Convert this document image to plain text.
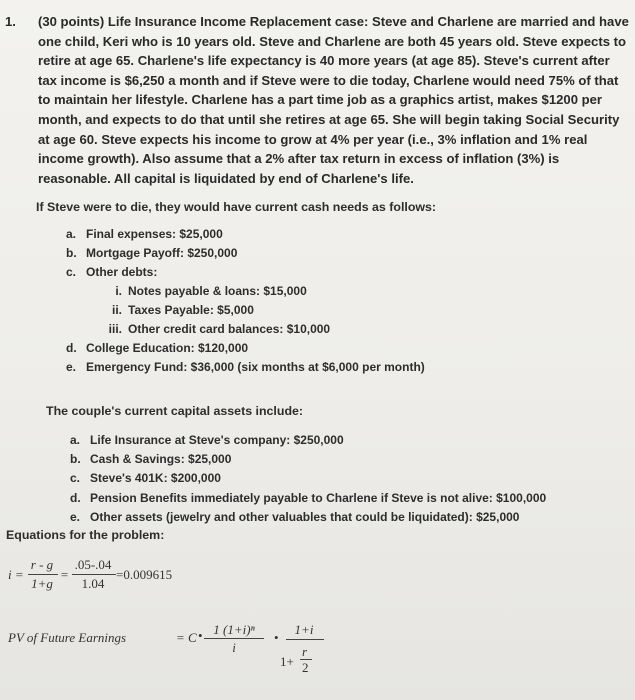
1. (30 points) Life Insurance Income Replacement case: Steve and Charlene are married and have one child, Keri who is 10 years old. Steve and Charlene are both 45 years old. Steve expects to retire at age 65. Charlene's life expectancy is 40 more years (at age 85). Steve's current after tax income is $6,250 a month and if Steve were to die today, Charlene would need 75% of that to maintain her lifestyle. Charlene has a part time job as a graphics artist, makes $1200 per month, and expects to do that until she retires at age 65. She will begin taking Social Security at age 60. Steve expects his income to grow at 4% per year (i.e., 3% inflation and 1% real income growth). Also assume that a 2% after tax return in excess of inflation (3%) is reasonable. All capital is liquidated by end of Charlene's life.
If Steve were to die, they would have current cash needs as follows:
a. Final expenses: $25,000
b. Mortgage Payoff: $250,000
c. Other debts:
i. Notes payable & loans: $15,000
ii. Taxes Payable: $5,000
iii. Other credit card balances: $10,000
d. College Education: $120,000
e. Emergency Fund: $36,000 (six months at $6,000 per month)
The couple's current capital assets include:
a. Life Insurance at Steve's company: $250,000
b. Cash & Savings: $25,000
c. Steve's 401K: $200,000
d. Pension Benefits immediately payable to Charlene if Steve is not alive: $100,000
e. Other assets (jewelry and other valuables that could be liquidated): $25,000
Equations for the problem:
i =
r - g
1+g
=
.05-.04
1.04
=0.009615
PV of Future Earnings	= C • 1 (1+i)ⁿ
i
•
1+i
1+
r
2
